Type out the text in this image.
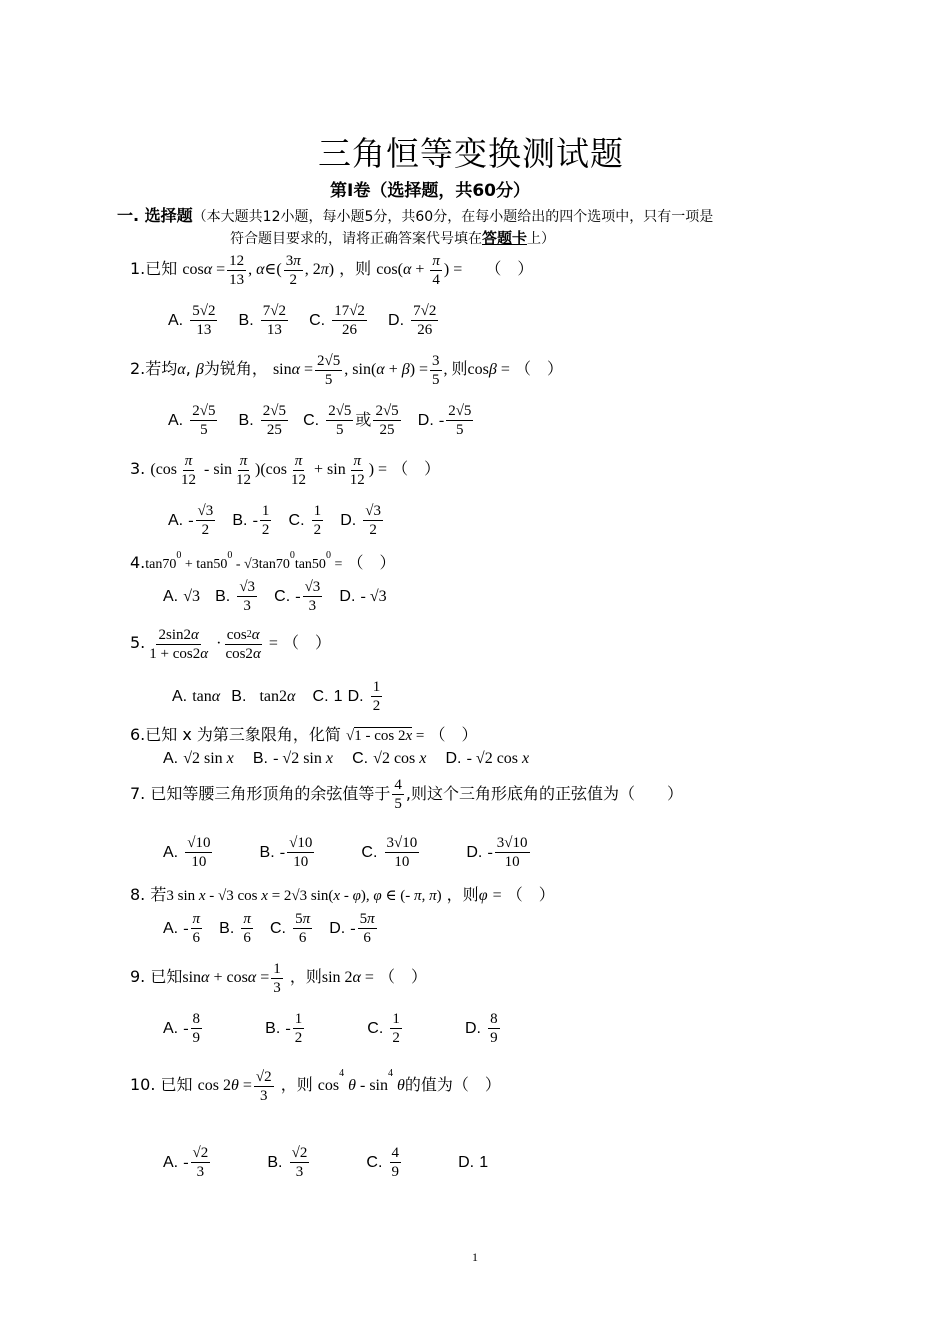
三角恒等变换测试题
第Ⅰ卷（选择题，共60分）
一. 选择题（本大题共12小题，每小题5分，共60分，在每小题给出的四个选项中，只有一项是
符合题目要求的，请将正确答案代号填在答题卡上）
1.已知 $\cos\alpha = \frac{12}{13}$ , α∈( $\frac{3\pi}{2}$ , 2π) ，则 $\cos(\alpha + \frac{\pi}{4}$ ) = （　）
A. $\frac{5√2}{13} B$. $\frac{7√2}{13} C$. $\frac{17√2}{26} D$. $\frac{7√2}{26}$
2.若均α, β为锐角， $\sin\alpha = \frac{2√5}{5}$ , $\sin(\alpha + \beta) = \frac{3}{5}$ , 则cosβ = （　）
A. $\frac{2√5}{5} B$. $\frac{2√5}{25} C$. $\frac{2√5}{5}$ 或 $\frac{2√5}{25} D$. - $\frac{2√5}{5}$
3. $(\cos \frac{\pi}{12} - \sin \frac{\pi}{12} )(\cos \frac{\pi}{12} + \sin \frac{\pi}{12}$ ) = （　）
A. - $\frac{√3}{2} B$. - $\frac{1}{2} C$. $\frac{1}{2} D$. $\frac{√3}{2}$
$4.\tan 70^0 + \tan 50^0 - √3\tan 70^0\tan 50^0$ = （　）
A. √3 B. $\frac{√3}{3} C$. - $\frac{√3}{3} D$. - √3
5. $\frac{2\sin 2\alpha}{1 + \cos 2\alpha} \cdot \frac{\cos^2\alpha}{\cos 2\alpha}$ = （　）
A. tanα B. tan2α C. 1 D. $\frac{1}{2}$
6.已知 x 为第三象限角，化简 √1 - cos 2x = （　）
A. √2 sin x B. - √2 sin x C. √2 cos x D. - √2 cos x
7. 已知等腰三角形顶角的余弦值等于 $\frac{4}{5}$ ,则这个三角形底角的正弦值为（　　）
A. $\frac{√10}{10}$	B. - $\frac{√10}{10}$	C. $\frac{3√10}{10}$	D. - $\frac{3√10}{10}$
8. 若3 sin x - √3 cos x = 2√3 sin(x - φ), φ ∈ (- π, π) ，则φ = （　）
A. - $\frac{\pi}{6} B$. $\frac{\pi}{6} C$. $\frac{5\pi}{6} D$. - $\frac{5\pi}{6}$
9. 已知$\sin\alpha + \cos\alpha = \frac{1}{3}$ ，则sin 2α = （　）
A. - $\frac{8}{9}$	B. - $\frac{1}{2}$	C. $\frac{1}{2}$	D. $\frac{8}{9}$
10. 已知 $\cos 2\theta = \frac{√2}{3}$ ，则 $\cos^4 \theta - \sin^4 \theta$的值为（　）
A. - $\frac{√2}{3}$	B. $\frac{√2}{3}$	C. $\frac{4}{9}$	D. 1
1
